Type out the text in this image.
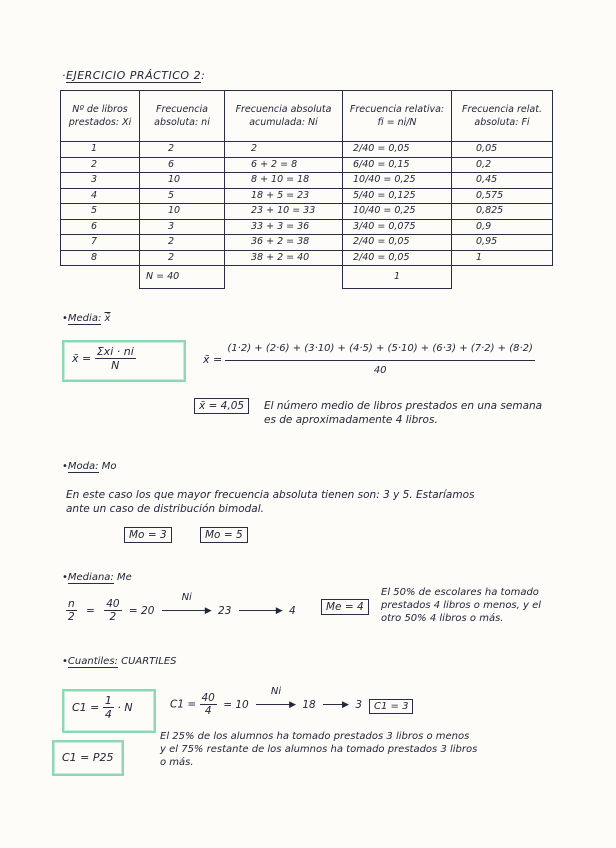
·EJERCICIO PRÁCTICO 2:
Nº de libros prestados: Xi	Frecuencia absoluta: ni	Frecuencia absoluta acumulada: Ni	Frecuencia relativa: fi = ni/N	Frecuencia relat. absoluta: Fi
1	2	2	2/40 = 0,05	0,05
2	6	6 + 2 = 8	6/40 = 0,15	0,2
3	10	8 + 10 = 18	10/40 = 0,25	0,45
4	5	18 + 5 = 23	5/40 = 0,125	0,575
5	10	23 + 10 = 33	10/40 = 0,25	0,825
6	3	33 + 3 = 36	3/40 = 0,075	0,9
7	2	36 + 2 = 38	2/40 = 0,05	0,95
8	2	38 + 2 = 40	2/40 = 0,05	1
	N = 40		1	
•Media: x̄
x̄ = $\frac{\text{Σxi · ni}}{N}$	x̄ =
(1·2) + (2·6) + (3·10) + (4·5) + (5·10) + (6·3) + (7·2) + (8·2)
40
x̄ = 4,05	El número medio de libros prestados en una semana
es de aproximadamente 4 libros.
•Moda: Mo
En este caso los que mayor frecuencia absoluta tienen son: 3 y 5. Estaríamos
ante un caso de distribución bimodal.
Mo = 3	Mo = 5
•Mediana: Me
$\frac{n}{2} = \frac{40}{2} = 20$
Ni
▶ 23	▶ 4	Me = 4
El 50% de escolares ha tomado
prestados 4 libros o menos, y el
otro 50% 4 libros o más.
•Cuantiles: CUARTILES
$C1 = \frac{1}{4} \cdot N$	$C1 = \frac{40}{4} = 10$
Ni
▶ 18	▶ 3	C1 = 3
C1 = P25
El 25% de los alumnos ha tomado prestados 3 libros o menos
y el 75% restante de los alumnos ha tomado prestados 3 libros
o más.
